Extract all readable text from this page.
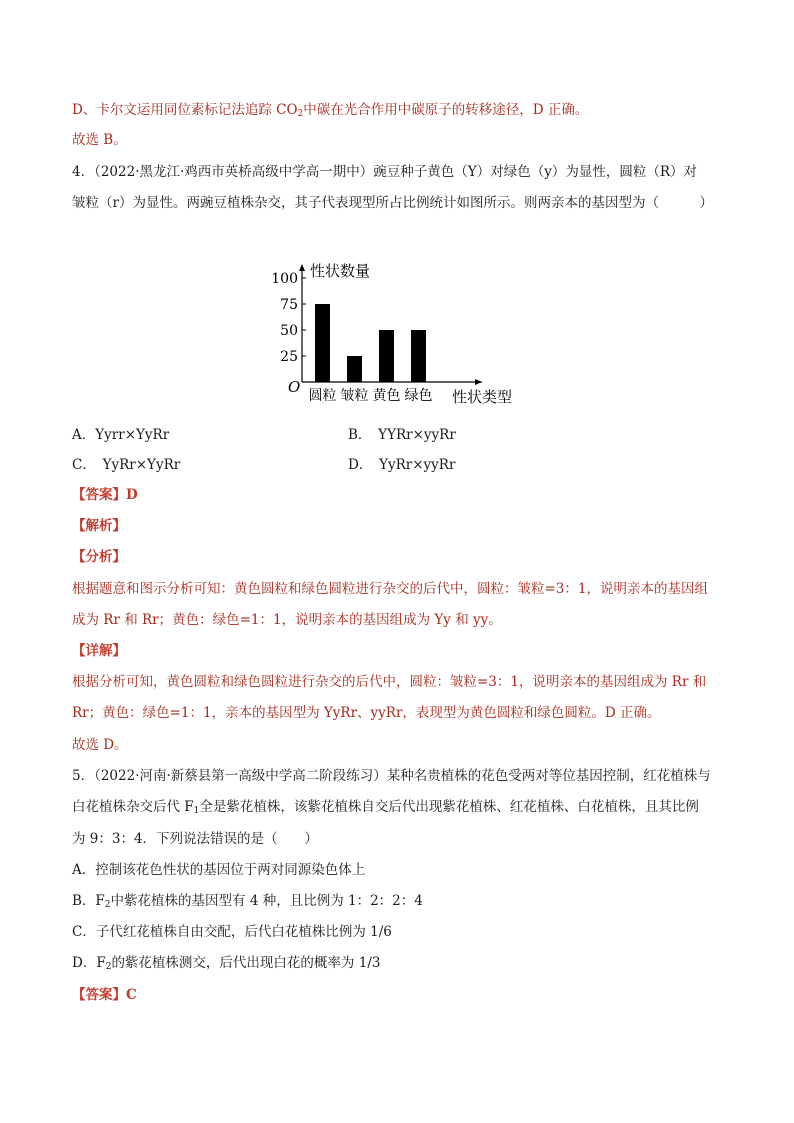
D、卡尔文运用同位素标记法追踪 $CO_2$中碳在光合作用中碳原子的转移途径，D 正确。
故选 B。
4．（2022·黑龙江·鸡西市英桥高级中学高一期中）豌豆种子黄色（Y）对绿色（y）为显性，圆粒（R）对
皱粒（r）为显性。两豌豆植株杂交，其子代表现型所占比例统计如图所示。则两亲本的基因型为（　　　）
25
50
75
100 性状数量
O 圆粒 皱粒 黄色 绿色 性状类型
A．Yyrr×YyRr	B．　YYRr×yyRr
C．　YyRr×YyRr	D．　YyRr×yyRr
【答案】D
【解析】
【分析】
根据题意和图示分析可知：黄色圆粒和绿色圆粒进行杂交的后代中，圆粒：皱粒=3：1，说明亲本的基因组
成为 Rr 和 Rr；黄色：绿色=1：1，说明亲本的基因组成为 Yy 和 yy。
【详解】
根据分析可知，黄色圆粒和绿色圆粒进行杂交的后代中，圆粒：皱粒=3：1，说明亲本的基因组成为 Rr 和
Rr；黄色：绿色=1：1，亲本的基因型为 YyRr、yyRr，表现型为黄色圆粒和绿色圆粒。D 正确。
故选 D。
5．（2022·河南·新蔡县第一高级中学高二阶段练习）某种名贵植株的花色受两对等位基因控制，红花植株与
白花植株杂交后代 $F_1$全是紫花植株，该紫花植株自交后代出现紫花植株、红花植株、白花植株，且其比例
为 9：3：4．下列说法错误的是（　　）
A．控制该花色性状的基因位于两对同源染色体上
B．$F_2$中紫花植株的基因型有 4 种，且比例为 1：2：2：4
C．子代红花植株自由交配，后代白花植株比例为 1/6
D．$F_2$的紫花植株测交，后代出现白花的概率为 1/3
【答案】C
